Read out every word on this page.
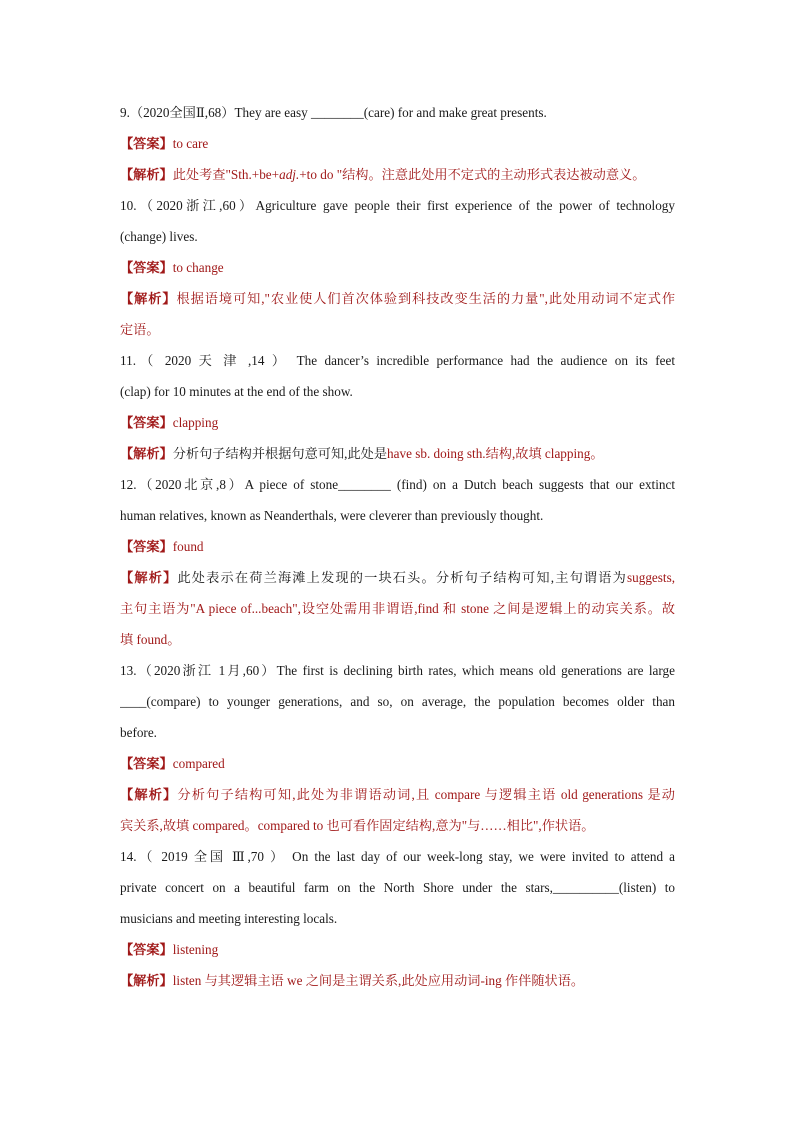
9.（2020全国Ⅱ,68）They are easy ________(care) for and make great presents.
【答案】to care
【解析】此处考查"Sth.+be+adj.+to do "结构。注意此处用不定式的主动形式表达被动意义。
10.（2020浙江,60）Agriculture gave people their first experience of the power of technology
(change) lives.
【答案】to change
【解析】根据语境可知,"农业使人们首次体验到科技改变生活的力量",此处用动词不定式作
定语。
11.（ 2020 天 津 ,14 ） The dancer’s incredible performance had the audience on its feet
(clap) for 10 minutes at the end of the show.
【答案】clapping
【解析】分析句子结构并根据句意可知,此处是have sb. doing sth.结构,故填 clapping。
12.（2020北京,8）A piece of stone________ (find) on a Dutch beach suggests that our extinct
human relatives, known as Neanderthals, were cleverer than previously thought.
【答案】found
【解析】此处表示在荷兰海滩上发现的一块石头。分析句子结构可知,主句谓语为suggests,
主句主语为"A piece of...beach",设空处需用非谓语,find 和 stone 之间是逻辑上的动宾关系。故
填 found。
13.（2020浙江 1月,60）The first is declining birth rates, which means old generations are large
____(compare) to younger generations, and so, on average, the population becomes older than
before.
【答案】compared
【解析】分析句子结构可知,此处为非谓语动词,且 compare 与逻辑主语 old generations 是动
宾关系,故填 compared。compared to 也可看作固定结构,意为"与……相比",作状语。
14.（ 2019 全国 Ⅲ,70 ） On the last day of our week-long stay, we were invited to attend a
private concert on a beautiful farm on the North Shore under the stars,__________(listen) to
musicians and meeting interesting locals.
【答案】listening
【解析】listen 与其逻辑主语 we 之间是主谓关系,此处应用动词-ing 作伴随状语。
